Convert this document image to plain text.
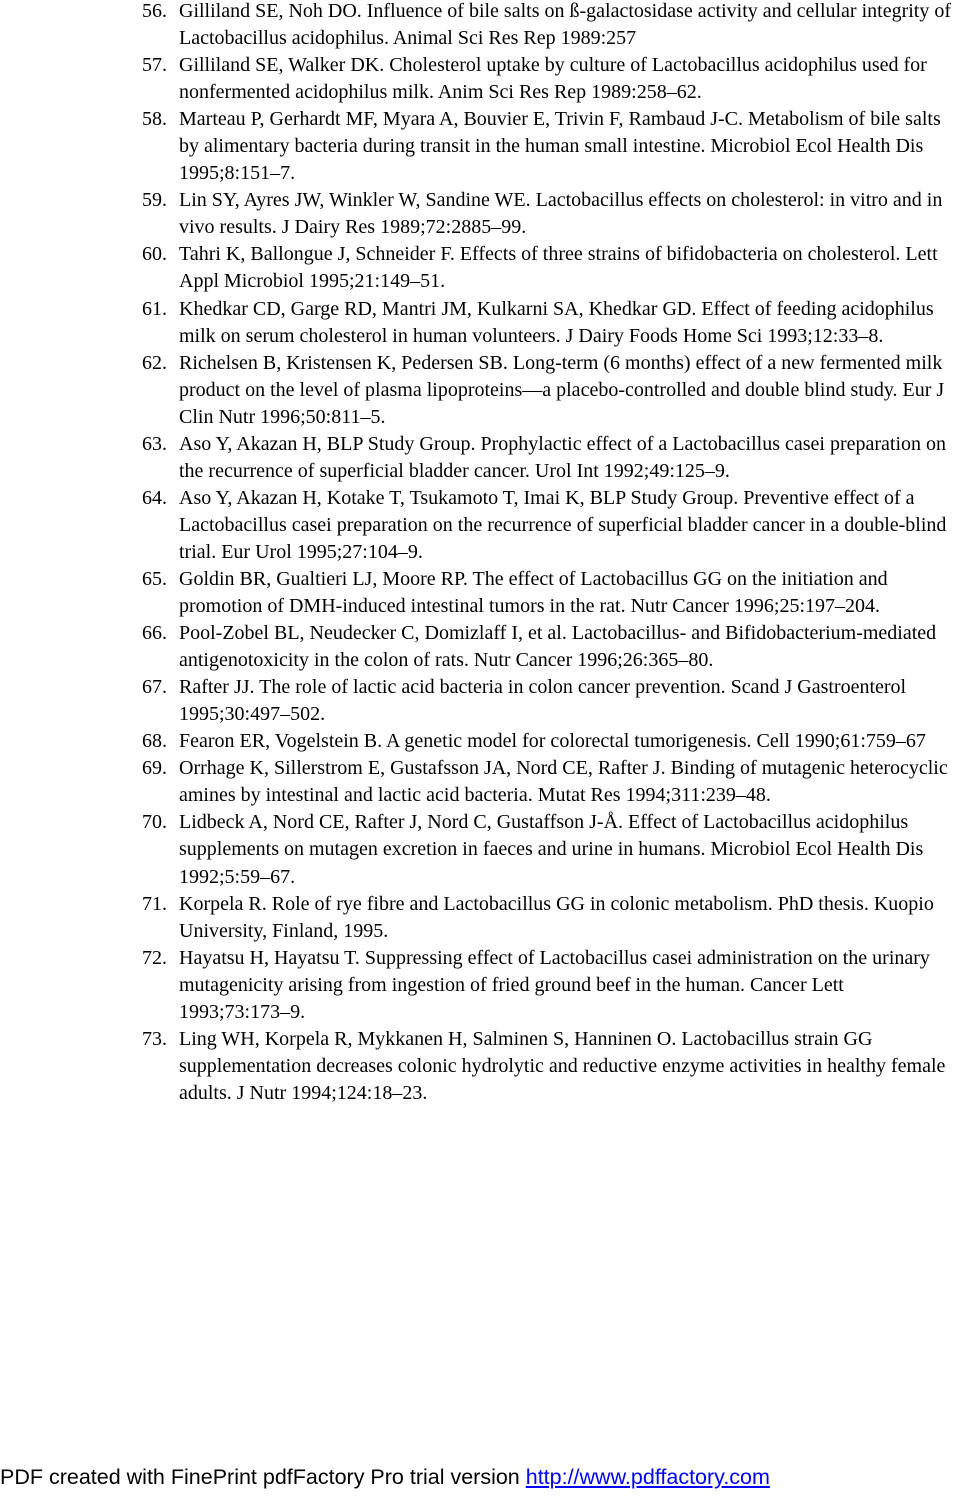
56. Gilliland SE, Noh DO. Influence of bile salts on ß-galactosidase activity and cellular integrity of Lactobacillus acidophilus. Animal Sci Res Rep 1989:257
57. Gilliland SE, Walker DK. Cholesterol uptake by culture of Lactobacillus acidophilus used for nonfermented acidophilus milk. Anim Sci Res Rep 1989:258–62.
58. Marteau P, Gerhardt MF, Myara A, Bouvier E, Trivin F, Rambaud J-C. Metabolism of bile salts by alimentary bacteria during transit in the human small intestine. Microbiol Ecol Health Dis 1995;8:151–7.
59. Lin SY, Ayres JW, Winkler W, Sandine WE. Lactobacillus effects on cholesterol: in vitro and in vivo results. J Dairy Res 1989;72:2885–99.
60. Tahri K, Ballongue J, Schneider F. Effects of three strains of bifidobacteria on cholesterol. Lett Appl Microbiol 1995;21:149–51.
61. Khedkar CD, Garge RD, Mantri JM, Kulkarni SA, Khedkar GD. Effect of feeding acidophilus milk on serum cholesterol in human volunteers. J Dairy Foods Home Sci 1993;12:33–8.
62. Richelsen B, Kristensen K, Pedersen SB. Long-term (6 months) effect of a new fermented milk product on the level of plasma lipoproteins—a placebo-controlled and double blind study. Eur J Clin Nutr 1996;50:811–5.
63. Aso Y, Akazan H, BLP Study Group. Prophylactic effect of a Lactobacillus casei preparation on the recurrence of superficial bladder cancer. Urol Int 1992;49:125–9.
64. Aso Y, Akazan H, Kotake T, Tsukamoto T, Imai K, BLP Study Group. Preventive effect of a Lactobacillus casei preparation on the recurrence of superficial bladder cancer in a double-blind trial. Eur Urol 1995;27:104–9.
65. Goldin BR, Gualtieri LJ, Moore RP. The effect of Lactobacillus GG on the initiation and promotion of DMH-induced intestinal tumors in the rat. Nutr Cancer 1996;25:197–204.
66. Pool-Zobel BL, Neudecker C, Domizlaff I, et al. Lactobacillus- and Bifidobacterium-mediated antigenotoxicity in the colon of rats. Nutr Cancer 1996;26:365–80.
67. Rafter JJ. The role of lactic acid bacteria in colon cancer prevention. Scand J Gastroenterol 1995;30:497–502.
68. Fearon ER, Vogelstein B. A genetic model for colorectal tumorigenesis. Cell 1990;61:759–67
69. Orrhage K, Sillerstrom E, Gustafsson JA, Nord CE, Rafter J. Binding of mutagenic heterocyclic amines by intestinal and lactic acid bacteria. Mutat Res 1994;311:239–48.
70. Lidbeck A, Nord CE, Rafter J, Nord C, Gustaffson J-Å. Effect of Lactobacillus acidophilus supplements on mutagen excretion in faeces and urine in humans. Microbiol Ecol Health Dis 1992;5:59–67.
71. Korpela R. Role of rye fibre and Lactobacillus GG in colonic metabolism. PhD thesis. Kuopio University, Finland, 1995.
72. Hayatsu H, Hayatsu T. Suppressing effect of Lactobacillus casei administration on the urinary mutagenicity arising from ingestion of fried ground beef in the human. Cancer Lett 1993;73:173–9.
73. Ling WH, Korpela R, Mykkanen H, Salminen S, Hanninen O. Lactobacillus strain GG supplementation decreases colonic hydrolytic and reductive enzyme activities in healthy female adults. J Nutr 1994;124:18–23.
PDF created with FinePrint pdfFactory Pro trial version http://www.pdffactory.com
